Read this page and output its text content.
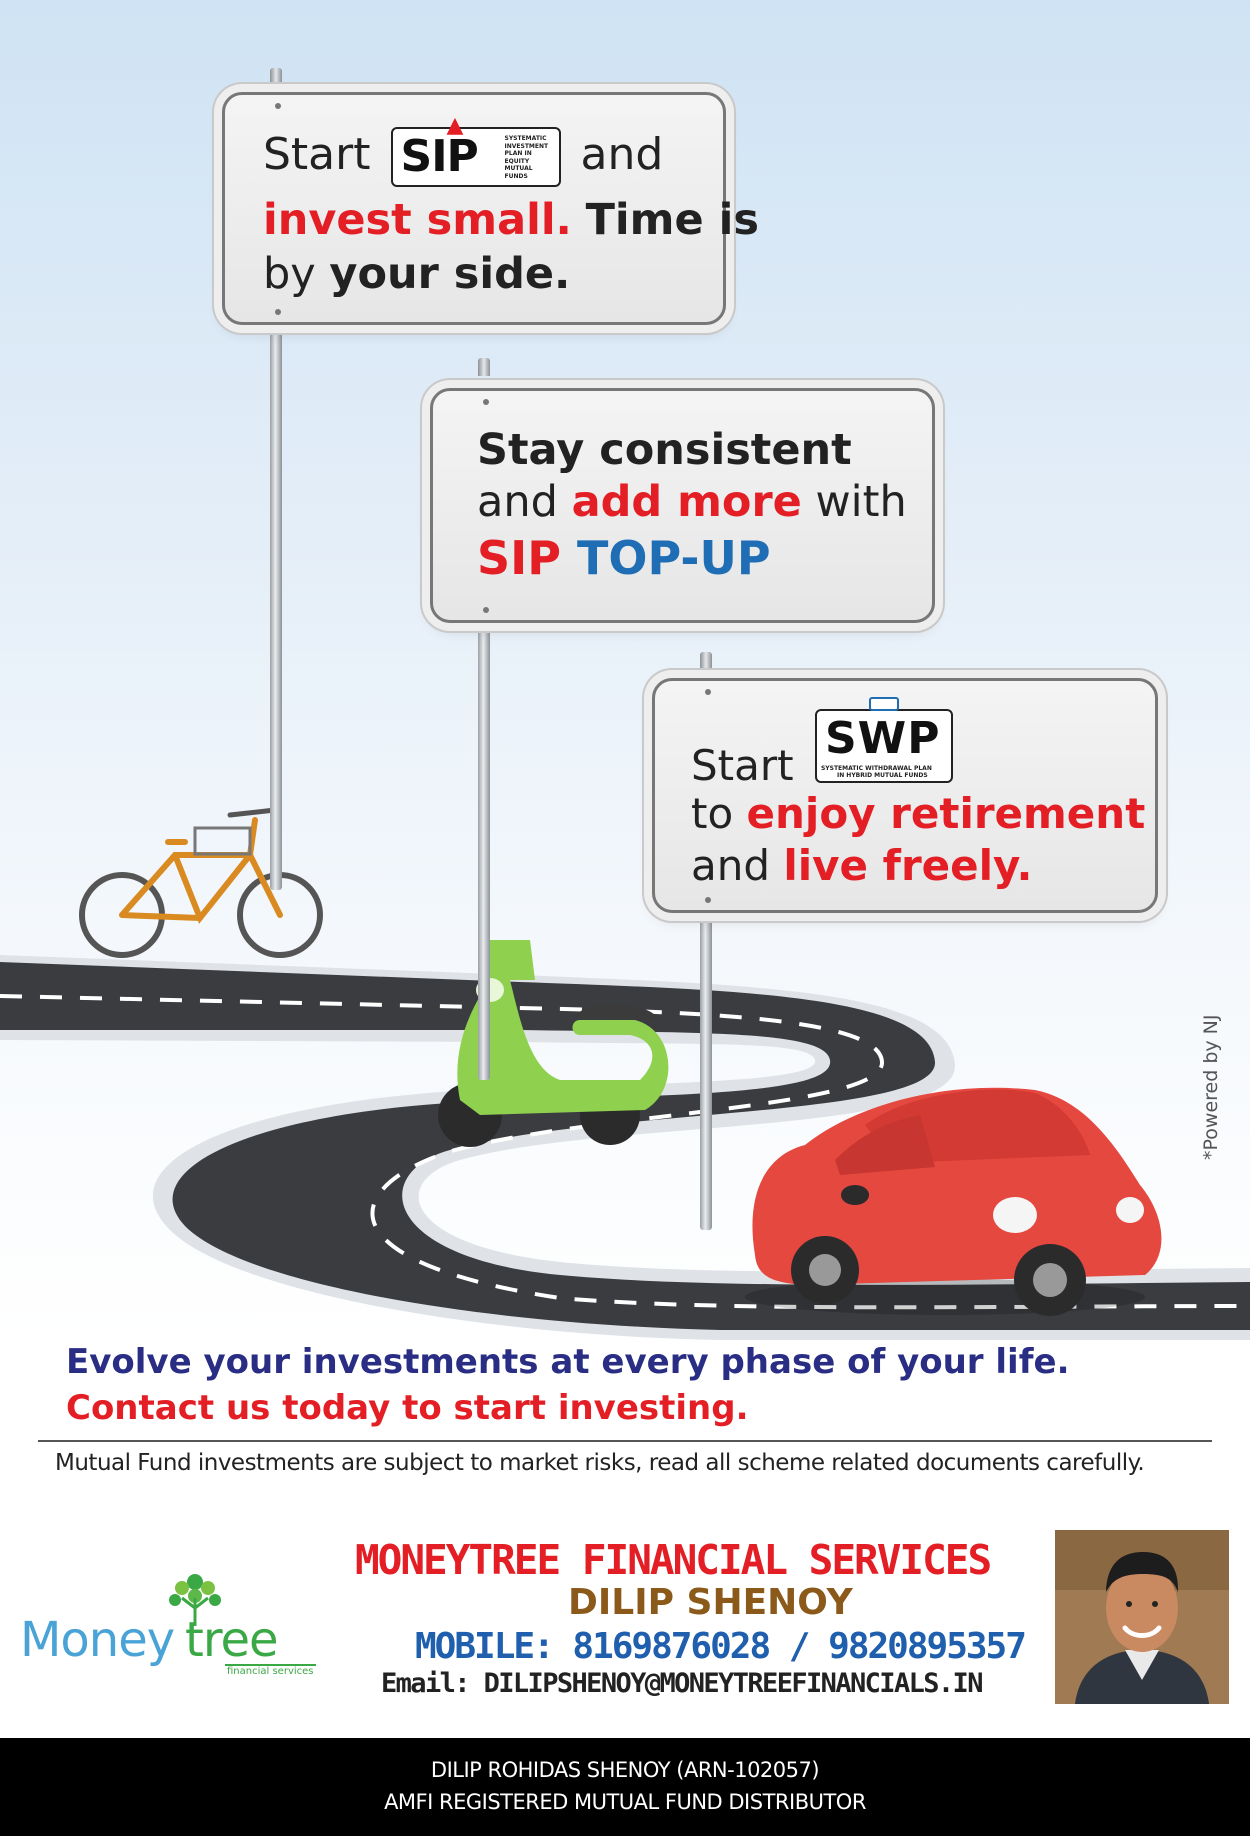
Start
▲
SIP	SYSTEMATIC
INVESTMENT
PLAN IN
EQUITY
MUTUAL
FUNDS	and
invest small. Time is
by your side.
Stay consistent
and add more with
SIP TOP-UP
Start
SWP
SYSTEMATIC WITHDRAWAL PLAN
IN HYBRID MUTUAL FUNDS
to enjoy retirement
and live freely.
*Powered by NJ
Evolve your investments at every phase of your life.
Contact us today to start investing.
Mutual Fund investments are subject to market risks, read all scheme related documents carefully.
Money tree
financial services
MONEYTREE FINANCIAL SERVICES
DILIP SHENOY
MOBILE: 8169876028 / 9820895357
Email: DILIPSHENOY@MONEYTREEFINANCIALS.IN
DILIP ROHIDAS SHENOY (ARN-102057)
AMFI REGISTERED MUTUAL FUND DISTRIBUTOR
